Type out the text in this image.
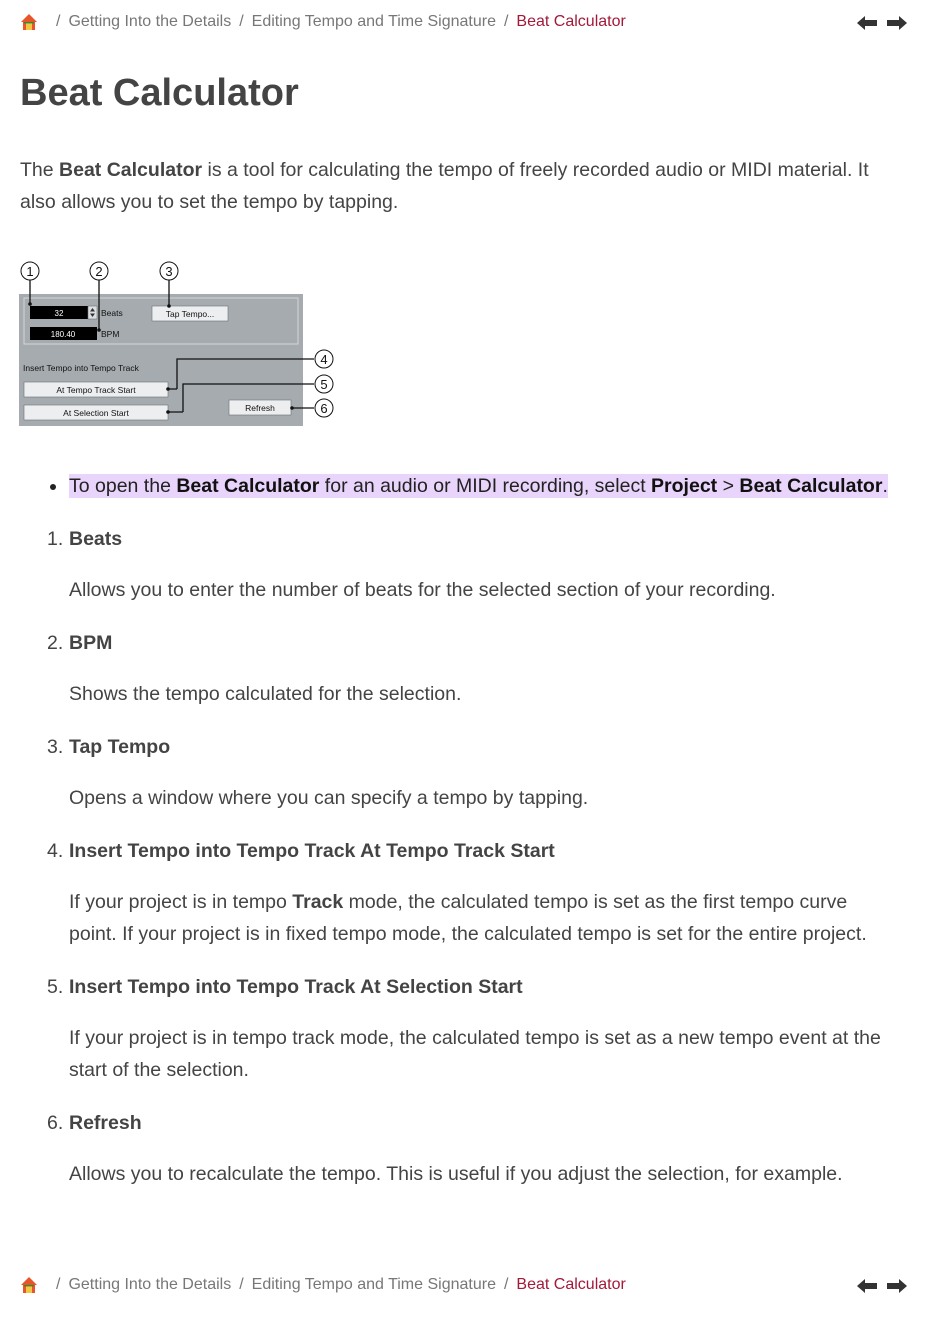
/ Getting Into the Details / Editing Tempo and Time Signature / Beat Calculator
Beat Calculator

The Beat Calculator is a tool for calculating the tempo of freely recorded audio or MIDI material. It also allows you to set the tempo by tapping.

32	Beats
180.40	BPM
Tap Tempo...
Insert Tempo into Tempo Track
At Tempo Track Start
At Selection Start	Refresh
1	2	3
4
5
6
To open the Beat Calculator for an audio or MIDI recording, select Project > Beat Calculator.

1. Beats

Allows you to enter the number of beats for the selected section of your recording.

2. BPM

Shows the tempo calculated for the selection.

3. Tap Tempo

Opens a window where you can specify a tempo by tapping.

4. Insert Tempo into Tempo Track At Tempo Track Start

If your project is in tempo Track mode, the calculated tempo is set as the first tempo curve point. If your project is in fixed tempo mode, the calculated tempo is set for the entire project.

5. Insert Tempo into Tempo Track At Selection Start

If your project is in tempo track mode, the calculated tempo is set as a new tempo event at the start of the selection.

6. Refresh

Allows you to recalculate the tempo. This is useful if you adjust the selection, for example.

/ Getting Into the Details / Editing Tempo and Time Signature / Beat Calculator
